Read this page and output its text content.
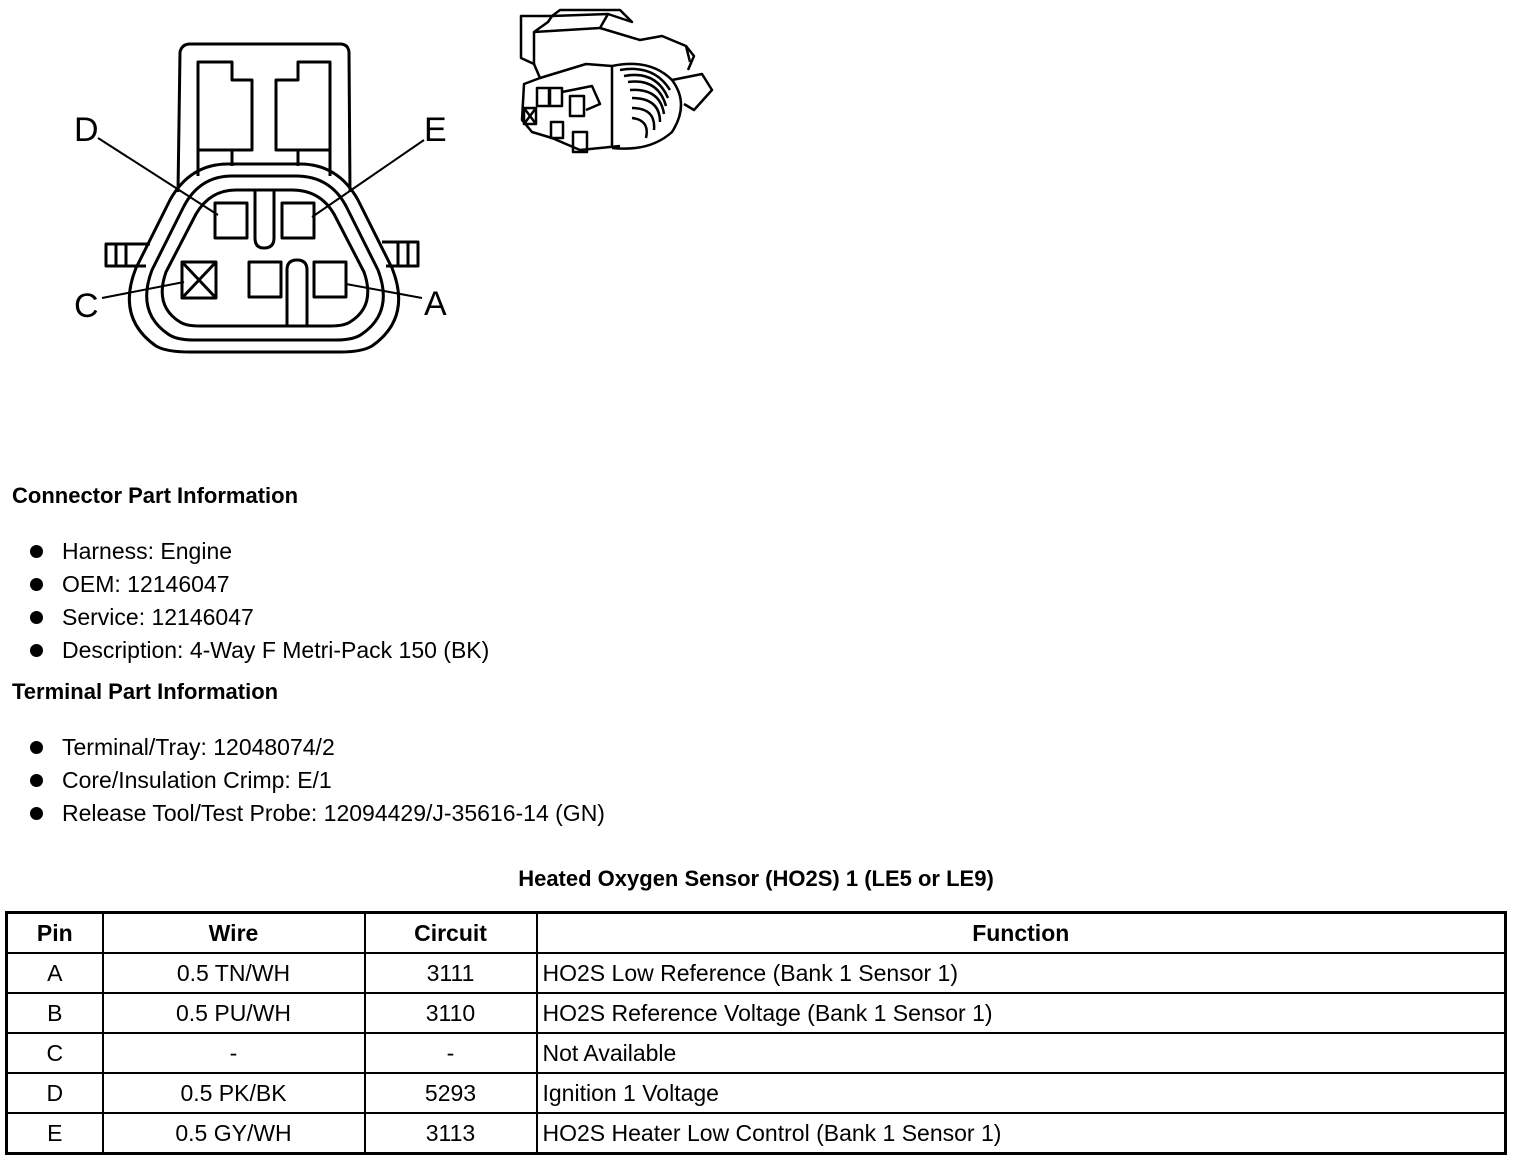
D	E
C	A
Connector Part Information
Harness: Engine
OEM: 12146047
Service: 12146047
Description: 4-Way F Metri-Pack 150 (BK)
Terminal Part Information
Terminal/Tray: 12048074/2
Core/Insulation Crimp: E/1
Release Tool/Test Probe: 12094429/J-35616-14 (GN)
Heated Oxygen Sensor (HO2S) 1 (LE5 or LE9)
Pin	Wire	Circuit	Function
A	0.5 TN/WH	3111	HO2S Low Reference (Bank 1 Sensor 1)
B	0.5 PU/WH	3110	HO2S Reference Voltage (Bank 1 Sensor 1)
C	-	-	Not Available
D	0.5 PK/BK	5293	Ignition 1 Voltage
E	0.5 GY/WH	3113	HO2S Heater Low Control (Bank 1 Sensor 1)
